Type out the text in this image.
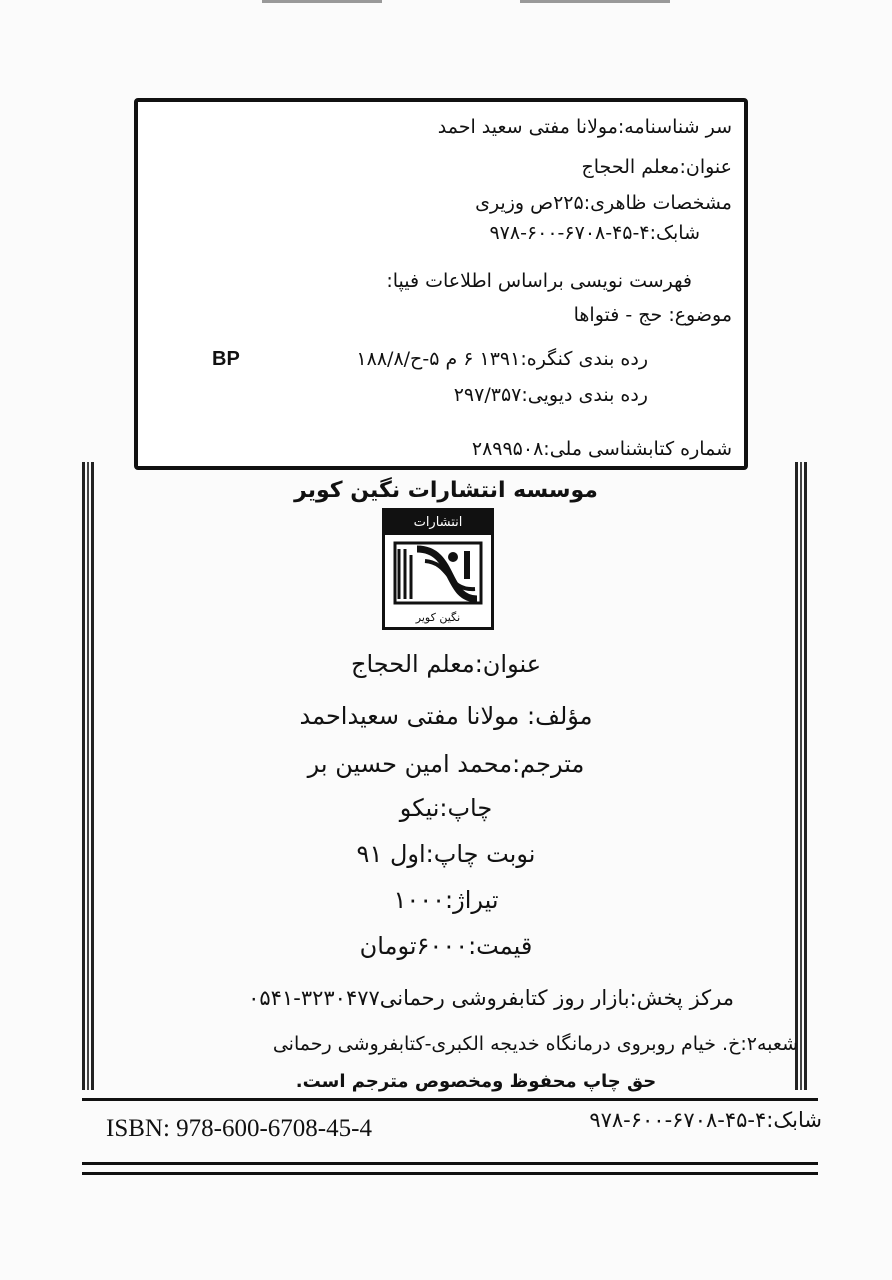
سر شناسنامه:مولانا مفتی سعید احمد
عنوان:معلم الحجاج
مشخصات ظاهری:۲۲۵ص وزیری
شابک:۴-۴۵-۶۷۰۸-۶۰۰-۹۷۸
فهرست نویسی براساس اطلاعات فیپا:
موضوع: حج - فتواها
رده بندی کنگره:۱۳۹۱ ۶ م ۵-ح/۱۸۸/۸
BP
رده بندی دیویی:۲۹۷/۳۵۷
شماره کتابشناسی ملی:۲۸۹۹۵۰۸
موسسه انتشارات نگین کویر
انتشارات
نگین کویر
عنوان:معلم الحجاج
مؤلف: مولانا مفتی سعیداحمد
مترجم:محمد امین حسین بر
چاپ:نیکو
نوبت چاپ:اول ۹۱
تیراژ:۱۰۰۰
قیمت:۶۰۰۰تومان
مرکز پخش:بازار روز کتابفروشی رحمانی۳۲۳۰۴۷۷-۰۵۴۱
شعبه۲:خ. خیام روبروی درمانگاه خدیجه الکبری-کتابفروشی رحمانی
حق چاپ محفوظ ومخصوص مترجم است.
ISBN: 978-600-6708-45-4	شابک:۴-۴۵-۶۷۰۸-۶۰۰-۹۷۸
